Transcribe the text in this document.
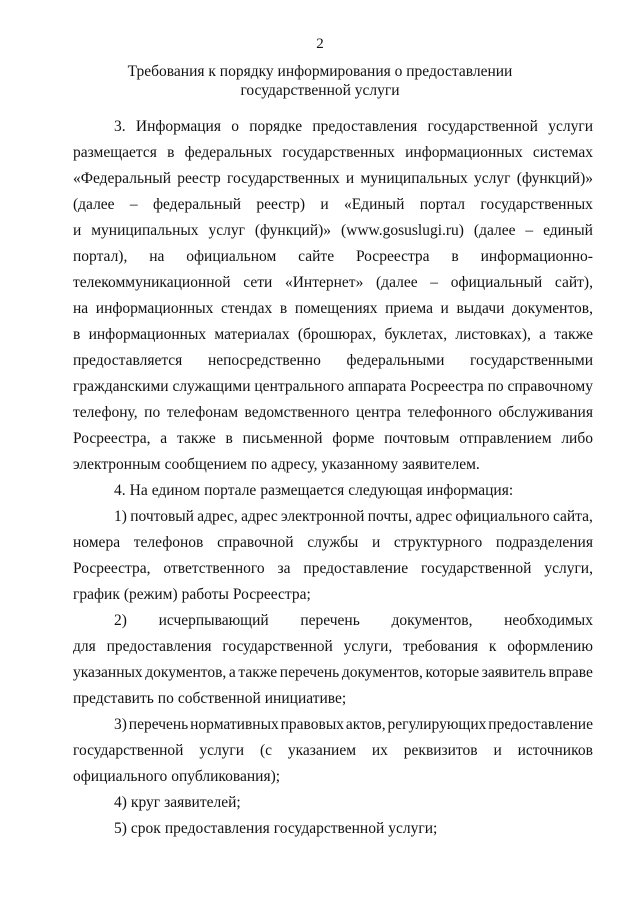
2
Требования к порядку информирования о предоставлении
государственной услуги
3. Информация о порядке предоставления государственной услуги
размещается в федеральных государственных информационных системах
«Федеральный реестр государственных и муниципальных услуг (функций)»
(далее – федеральный реестр) и «Единый портал государственных
и муниципальных услуг (функций)» (www.gosuslugi.ru) (далее – единый
портал), на официальном сайте Росреестра в информационно-
телекоммуникационной сети «Интернет» (далее – официальный сайт),
на информационных стендах в помещениях приема и выдачи документов,
в информационных материалах (брошюрах, буклетах, листовках), а также
предоставляется непосредственно федеральными государственными
гражданскими служащими центрального аппарата Росреестра по справочному
телефону, по телефонам ведомственного центра телефонного обслуживания
Росреестра, а также в письменной форме почтовым отправлением либо
электронным сообщением по адресу, указанному заявителем.
4. На едином портале размещается следующая информация:
1) почтовый адрес, адрес электронной почты, адрес официального сайта,
номера телефонов справочной службы и структурного подразделения
Росреестра, ответственного за предоставление государственной услуги,
график (режим) работы Росреестра;
2) исчерпывающий перечень документов, необходимых
для предоставления государственной услуги, требования к оформлению
указанных документов, а также перечень документов, которые заявитель вправе
представить по собственной инициативе;
3) перечень нормативных правовых актов, регулирующих предоставление
государственной услуги (с указанием их реквизитов и источников
официального опубликования);
4) круг заявителей;
5) срок предоставления государственной услуги;
